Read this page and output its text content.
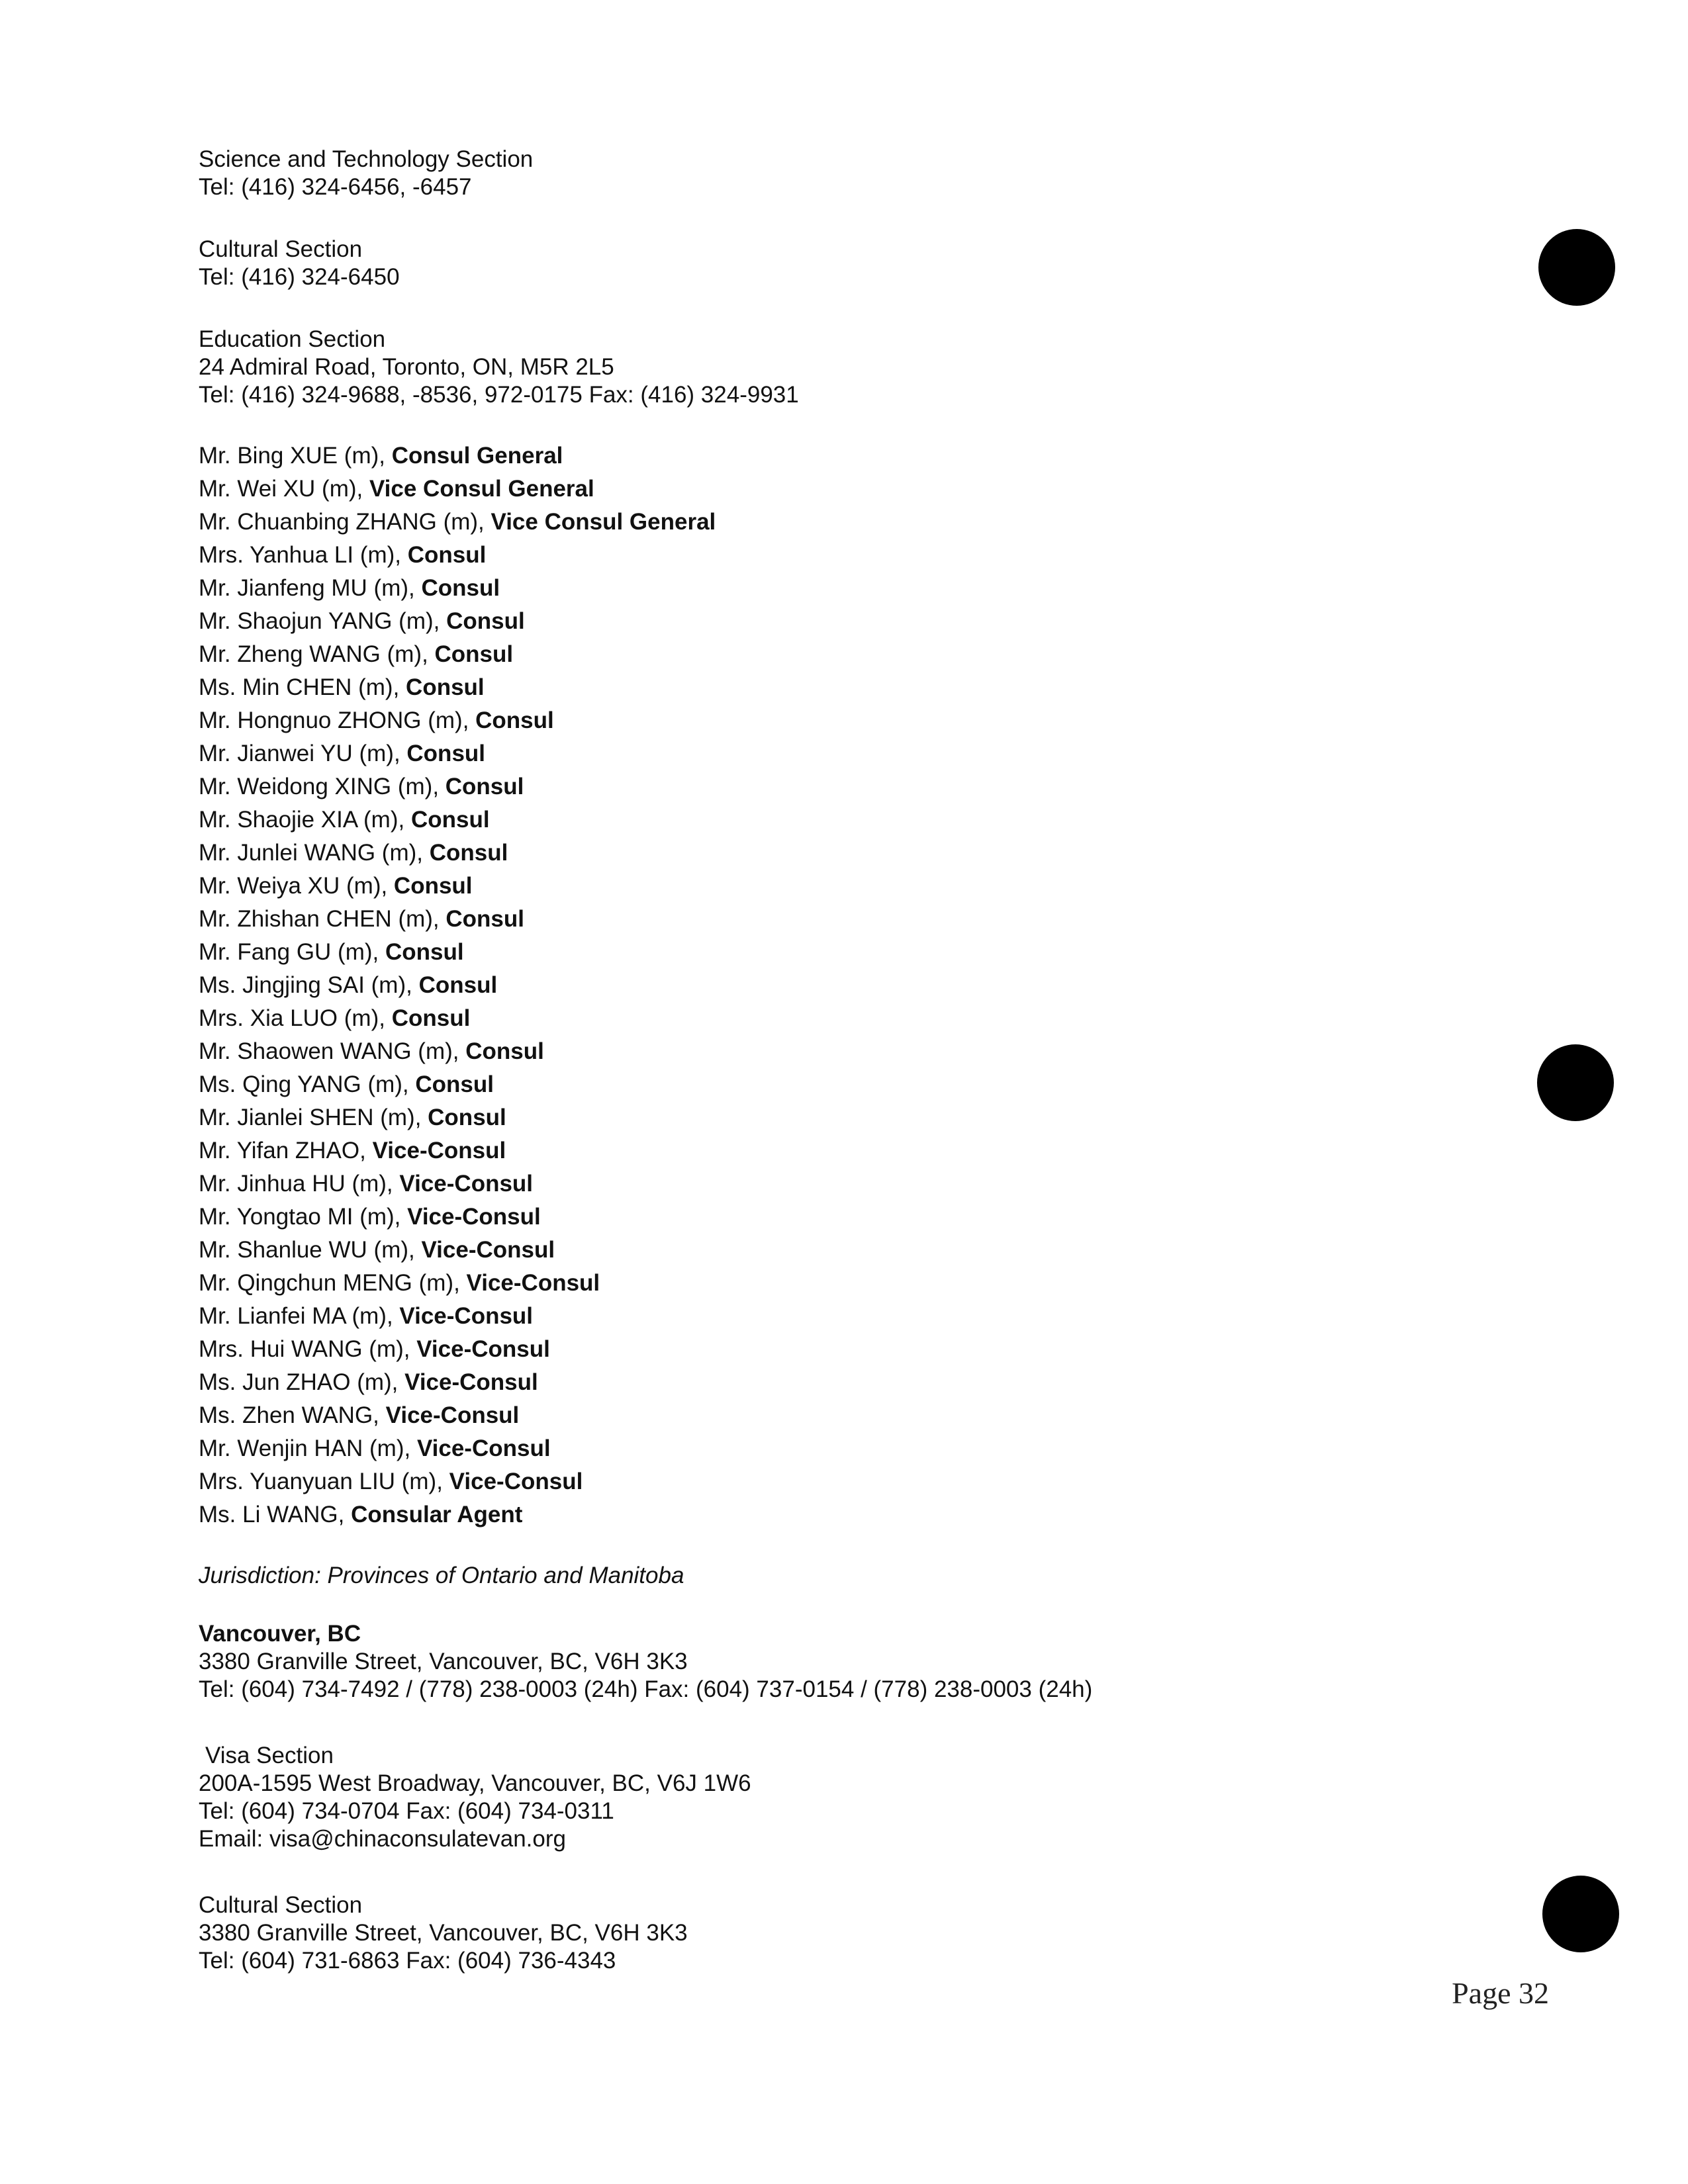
Science and Technology Section
Tel: (416) 324-6456, -6457
Cultural Section
Tel: (416) 324-6450
Education Section
24 Admiral Road, Toronto, ON, M5R 2L5
Tel: (416) 324-9688, -8536, 972-0175 Fax: (416) 324-9931
Mr. Bing XUE (m), Consul General
Mr. Wei XU (m), Vice Consul General
Mr. Chuanbing ZHANG (m), Vice Consul General
Mrs. Yanhua LI (m), Consul
Mr. Jianfeng MU (m), Consul
Mr. Shaojun YANG (m), Consul
Mr. Zheng WANG (m), Consul
Ms. Min CHEN (m), Consul
Mr. Hongnuo ZHONG (m), Consul
Mr. Jianwei YU (m), Consul
Mr. Weidong XING (m), Consul
Mr. Shaojie XIA (m), Consul
Mr. Junlei WANG (m), Consul
Mr. Weiya XU (m), Consul
Mr. Zhishan CHEN (m), Consul
Mr. Fang GU (m), Consul
Ms. Jingjing SAI (m), Consul
Mrs. Xia LUO (m), Consul
Mr. Shaowen WANG (m), Consul
Ms. Qing YANG (m), Consul
Mr. Jianlei SHEN (m), Consul
Mr. Yifan ZHAO, Vice-Consul
Mr. Jinhua HU (m), Vice-Consul
Mr. Yongtao MI (m), Vice-Consul
Mr. Shanlue WU (m), Vice-Consul
Mr. Qingchun MENG (m), Vice-Consul
Mr. Lianfei MA (m), Vice-Consul
Mrs. Hui WANG (m), Vice-Consul
Ms. Jun ZHAO (m), Vice-Consul
Ms. Zhen WANG, Vice-Consul
Mr. Wenjin HAN (m), Vice-Consul
Mrs. Yuanyuan LIU (m), Vice-Consul
Ms. Li WANG, Consular Agent
Jurisdiction: Provinces of Ontario and Manitoba
Vancouver, BC
3380 Granville Street, Vancouver, BC, V6H 3K3
Tel: (604) 734-7492 / (778) 238-0003 (24h) Fax: (604) 737-0154 / (778) 238-0003 (24h)
Visa Section
200A-1595 West Broadway, Vancouver, BC, V6J 1W6
Tel: (604) 734-0704 Fax: (604) 734-0311
Email: visa@chinaconsulatevan.org
Cultural Section
3380 Granville Street, Vancouver, BC, V6H 3K3
Tel: (604) 731-6863 Fax: (604) 736-4343
Page 32
